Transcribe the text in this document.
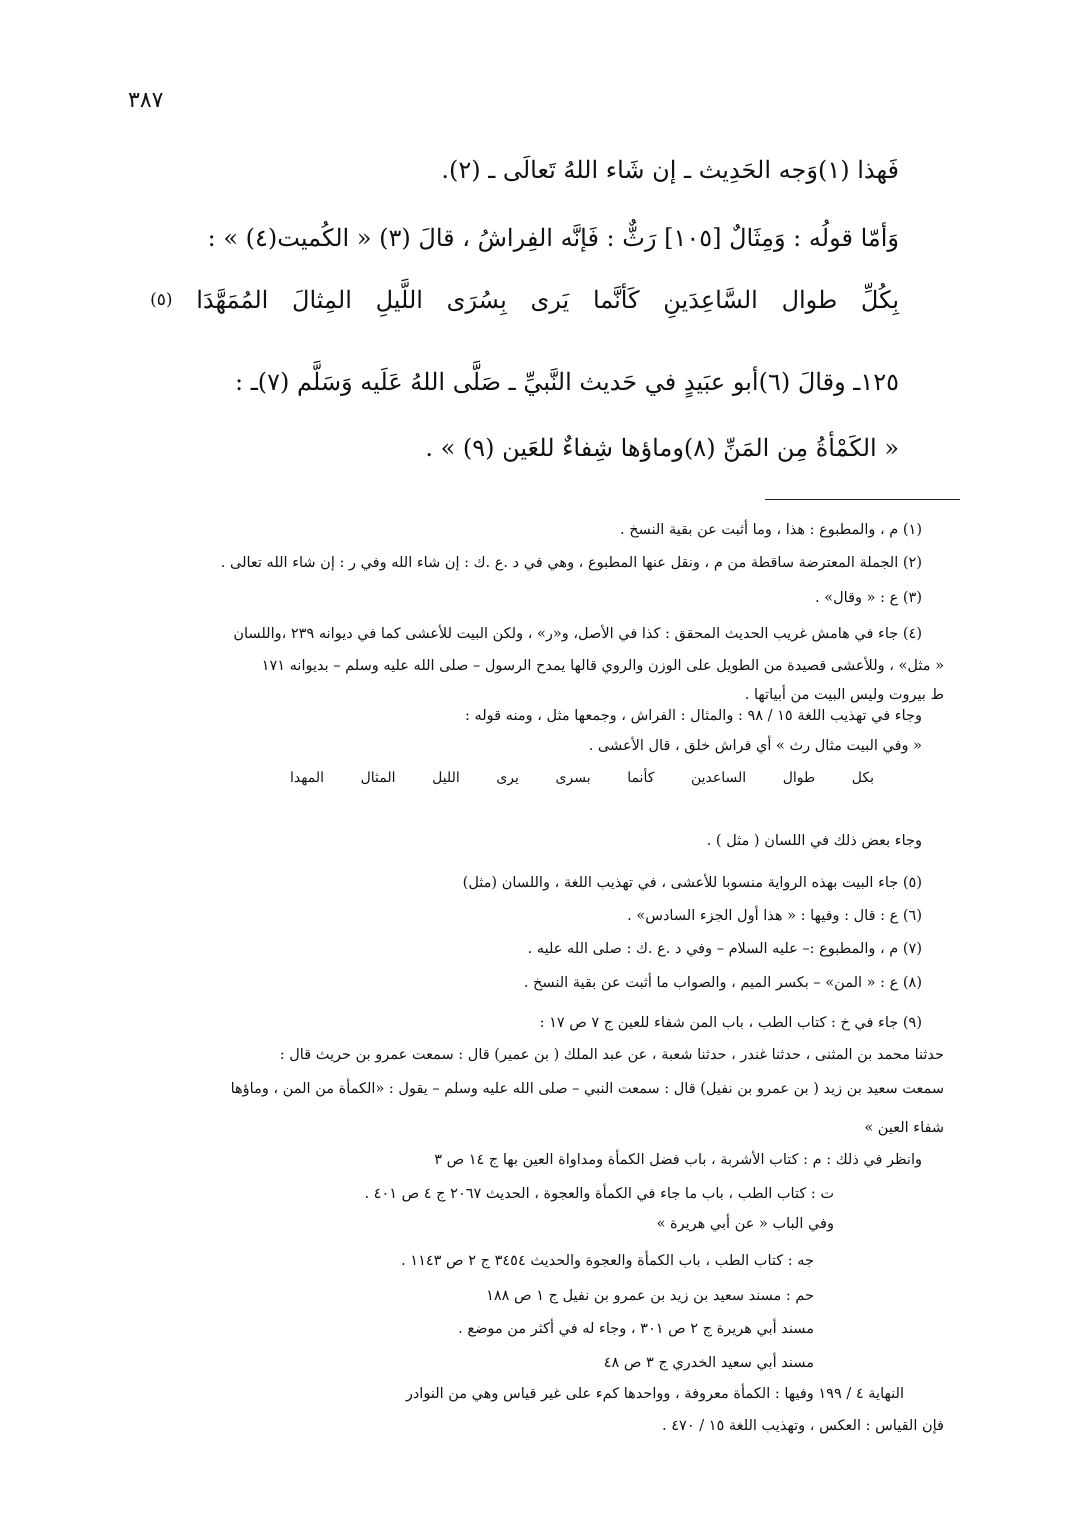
٣٨٧
فَهذا (١)وَجه الحَدِيث ـ إن شَاء اللهُ تَعالَى ـ (٢).
وَأمّا قولُه : وَمِثَالٌ [١٠٥] رَثٌّ : فَإنَّه الفِراشُ ، قالَ (٣) « الكُميت(٤) » :
بِكُلِّ
طوال
السَّاعِدَينِ
كَأنَّما
يَرى
بِسُرَى
اللَّيلِ
المِثالَ
المُمَهَّدَا
(٥)
١٢٥ـ وقالَ (٦)أبو عبَيدٍ في حَديث النَّبيِّ ـ صَلَّى اللهُ عَلَيه وَسَلَّم (٧)ـ :
« الكَمْأةُ مِن المَنِّ (٨)وماؤها شِفاءٌ للعَين (٩) » .
(١) م ، والمطبوع : هذا ، وما أثبت عن بقية النسخ .
(٢) الجملة المعترضة ساقطة من م ، ونقل عنها المطبوع ، وهي في د .ع .ك : إن شاء الله وفي ر : إن شاء الله تعالى .
(٣) ع : « وقال» .
(٤) جاء في هامش غريب الحديث المحقق : كذا في الأصل، و«ر» ، ولكن البيت للأعشى كما في ديوانه ٢٣٩ ،واللسان
« مثل» ، وللأعشى قصيدة من الطويل على الوزن والروي قالها يمدح الرسول – صلى الله عليه وسلم – بديوانه ١٧١
ط بيروت وليس البيت من أبياتها .
وجاء في تهذيب اللغة ١٥ / ٩٨ : والمثال : الفراش ، وجمعها مثل ، ومنه قوله :
« وفي البيت مثال رث » أي فراش خلق ، قال الأعشى .
بكل
طوال
الساعدين
كأنما
بسرى
يرى
الليل
المثال
المهدا
وجاء بعض ذلك في اللسان ( مثل ) .
(٥) جاء البيت بهذه الرواية منسوبا للأعشى ، في تهذيب اللغة ، واللسان (مثل)
(٦) ع : قال : وفيها : « هذا أول الجزء السادس» .
(٧) م ، والمطبوع :– عليه السلام – وفي د .ع .ك : صلى الله عليه .
(٨) ع : « المن» – بكسر الميم ، والصواب ما أثبت عن بقية النسخ .
(٩) جاء في خ : كتاب الطب ، باب المن شفاء للعين ج ٧ ص ١٧ :
حدثنا محمد بن المثنى ، حدثنا غندر ، حدثنا شعبة ، عن عبد الملك ( بن عمير) قال : سمعت عمرو بن حريث قال :
سمعت سعيد بن زيد ( بن عمرو بن نفيل) قال : سمعت النبي – صلى الله عليه وسلم – يقول : «الكمأة من المن ، وماؤها
شفاء العين »
وانظر في ذلك : م : كتاب الأشربة ، باب فضل الكمأة ومداواة العين بها ج ١٤ ص ٣
ت : كتاب الطب ، باب ما جاء في الكمأة والعجوة ، الحديث ٢٠٦٧ ج ٤ ص ٤٠١ .
وفي الباب « عن أبي هريرة »
جه : كتاب الطب ، باب الكمأة والعجوة والحديث ٣٤٥٤ ج ٢ ص ١١٤٣ .
حم : مسند سعيد بن زيد بن عمرو بن نفيل ج ١ ص ١٨٨
مسند أبي هريرة ج ٢ ص ٣٠١ ، وجاء له في أكثر من موضع .
مسند أبي سعيد الخدري ج ٣ ص ٤٨
النهاية ٤ / ١٩٩ وفيها : الكمأة معروفة ، وواحدها كمء على غير قياس وهي من النوادر
فإن القياس : العكس ، وتهذيب اللغة ١٥ / ٤٧٠ .
